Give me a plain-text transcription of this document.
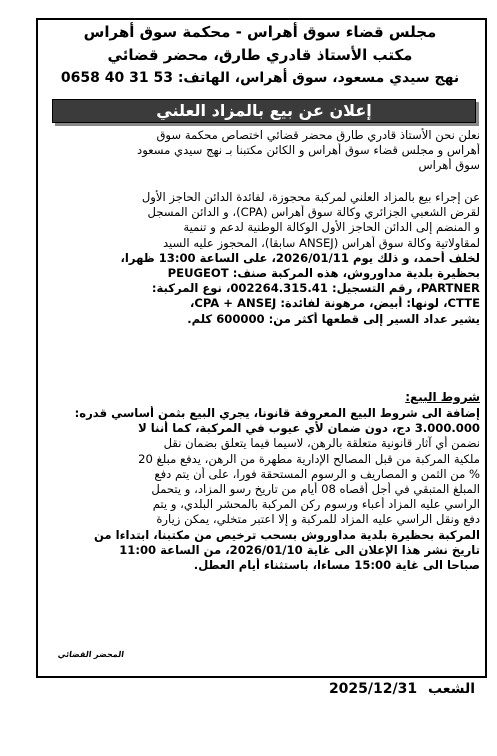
مجلس قضاء سوق أهراس - محكمة سوق أهراس
مكتب الأستاذ قادري طارق، محضر قضائي
نهج سيدي مسعود، سوق أهراس، الهاتف: 53 31 40 0658
إعلان عن بيع بالمزاد العلني
نعلن نحن الأستاذ قادري طارق محضر قضائي اختصاص محكمة سوق
أهراس و مجلس قضاء سوق أهراس و الكائن مكتبنا بـ نهج سيدي مسعود
سوق أهراس
عن إجراء بيع بالمزاد العلني لمركبة محجوزة، لفائدة الدائن الحاجز الأول
لقرض الشعبي الجزائري وكالة سوق أهراس (CPA)، و الدائن المسجل
و المنضم إلى الدائن الحاجز الأول الوكالة الوطنية لدعم و تنمية
لمقاولاتية وكالة سوق أهراس (ANSEJ سابقا)، المحجوز عليه السيد
لخلف أحمد، و ذلك يوم 2026/01/11، على الساعة 13:00 ظهرا،
بحظيرة بلدية مداوروش، هذه المركبة صنف: PEUGEOT
PARTNER، رقم التسجيل: 002264.315.41، نوع المركبة:
CTTE، لونها: أبيض، مرهونة لفائدة: CPA + ANSEJ،
يشير عداد السير إلى قطعها أكثر من: 600000 كلم.
شروط البيع:
إضافة الى شروط البيع المعروفة قانونا، يجري البيع بثمن أساسي قدره:
3.000.000 دج، دون ضمان لأي عيوب في المركبة، كما أننا لا
نضمن أي آثار قانونية متعلقة بالرهن، لاسيما فيما يتعلق بضمان نقل
ملكية المركبة من قبل المصالح الإدارية مطهرة من الرهن، يدفع مبلغ 20
% من الثمن و المصاريف و الرسوم المستحقة فورا، على أن يتم دفع
المبلغ المتبقي في أجل أقصاه 08 أيام من تاريخ رسو المزاد، و يتحمل
الراسي عليه المزاد أعباء ورسوم ركن المركبة بالمحشر البلدي، و يتم
دفع ونقل الراسي عليه المزاد للمركبة و إلا اعتبر متخلي، يمكن زيارة
المركبة بحظيرة بلدية مداوروش بسحب ترخيص من مكتبنا، ابتداءا من
تاريخ نشر هذا الإعلان الى غاية 2026/01/10، من الساعة 11:00
صباحا الى غاية 15:00 مساءا، باستثناء أيام العطل.
المحضر القضائي
الشعب 2025/12/31
